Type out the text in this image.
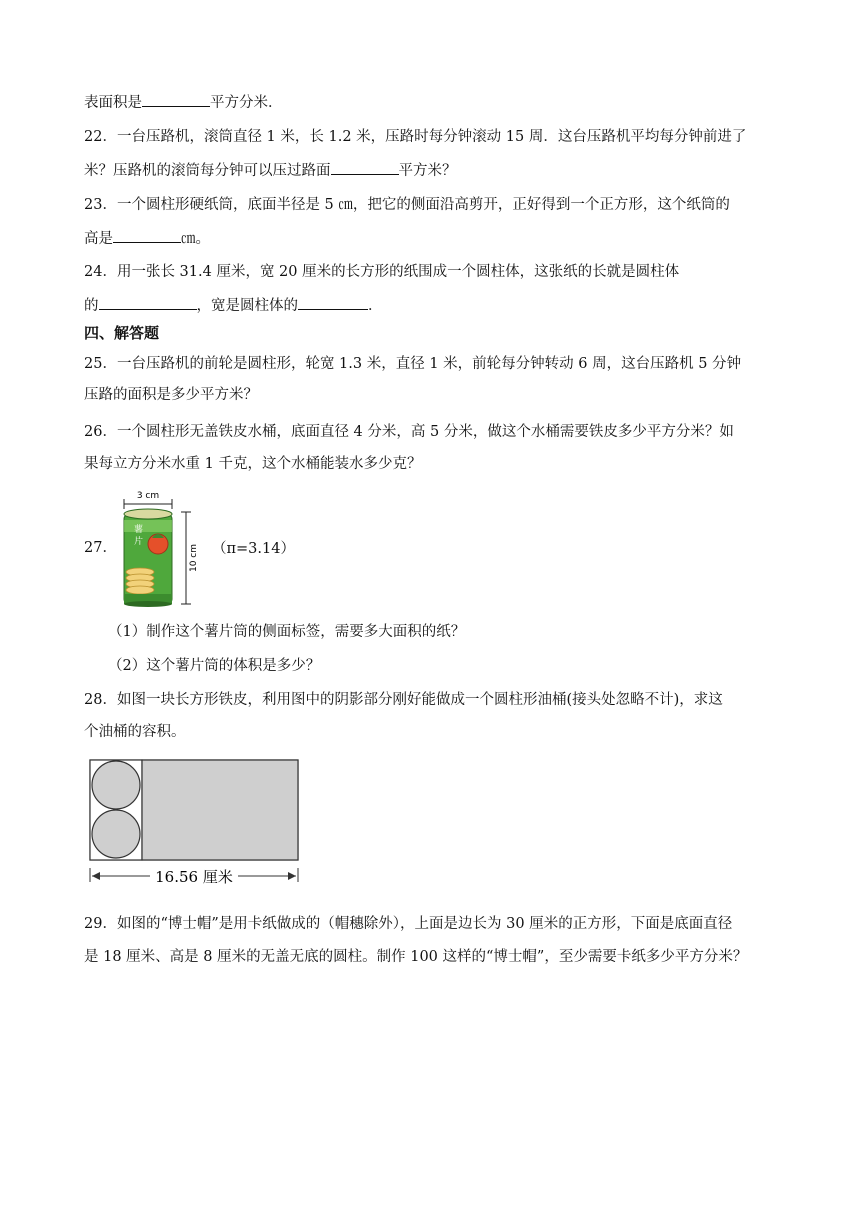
表面积是	平方分米．
22．一台压路机，滚筒直径 1 米，长 1.2 米，压路时每分钟滚动 15 周．这台压路机平均每分钟前进了
米？压路机的滚筒每分钟可以压过路面	平方米？
23．一个圆柱形硬纸筒，底面半径是 5 ㎝，把它的侧面沿高剪开，正好得到一个正方形，这个纸筒的
高是	㎝。
24．用一张长 31.4 厘米，宽 20 厘米的长方形的纸围成一个圆柱体，这张纸的长就是圆柱体
的	，宽是圆柱体的	．
四、解答题
25．一台压路机的前轮是圆柱形，轮宽 1.3 米，直径 1 米，前轮每分钟转动 6 周，这台压路机 5 分钟
压路的面积是多少平方米？
26．一个圆柱形无盖铁皮水桶，底面直径 4 分米，高 5 分米，做这个水桶需要铁皮多少平方分米？如
果每立方分米水重 1 千克，这个水桶能装水多少克？
27．
3 cm
10 cm
薯
片	（π=3.14）
（1）制作这个薯片筒的侧面标签，需要多大面积的纸？
（2）这个薯片筒的体积是多少？
28．如图一块长方形铁皮，利用图中的阴影部分刚好能做成一个圆柱形油桶(接头处忽略不计)，求这
个油桶的容积。
16.56 厘米
29．如图的“博士帽”是用卡纸做成的（帽穗除外），上面是边长为 30 厘米的正方形，下面是底面直径
是 18 厘米、高是 8 厘米的无盖无底的圆柱。制作 100 这样的“博士帽”，至少需要卡纸多少平方分米？
